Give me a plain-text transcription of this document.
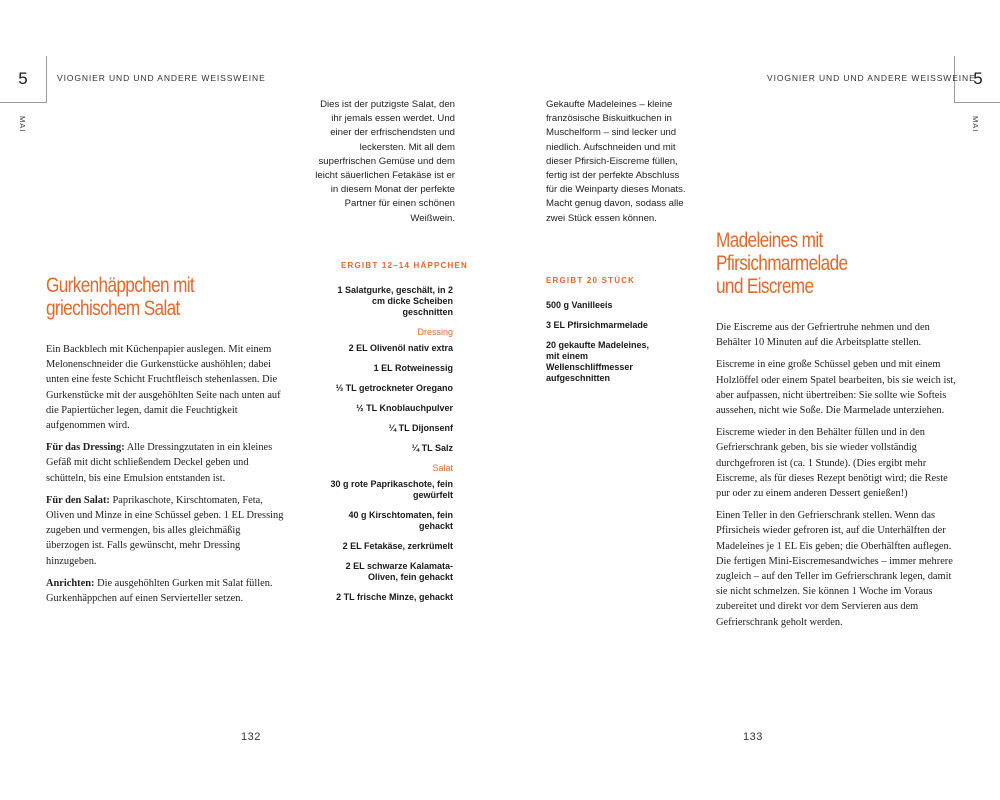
5	VIOGNIER UND UND ANDERE WEISSWEINE
MAI
Gurkenhäppchen mit
griechischem Salat

Ein Backblech mit Küchenpapier auslegen. Mit einem Melonenschneider die Gurkenstücke aushöhlen; dabei unten eine feste Schicht Fruchtfleisch stehenlassen. Die Gurkenstücke mit der ausgehöhlten Seite nach unten auf die Papiertücher legen, damit die Feuchtigkeit aufgenommen wird.

Für das Dressing: Alle Dressingzutaten in ein kleines Gefäß mit dicht schließendem Deckel geben und schütteln, bis eine Emulsion entstanden ist.

Für den Salat: Paprikaschote, Kirschtomaten, Feta, Oliven und Minze in eine Schüssel geben. 1 EL Dressing zugeben und vermengen, bis alles gleichmäßig überzogen ist. Falls gewünscht, mehr Dressing hinzugeben.

Anrichten: Die ausgehöhlten Gurken mit Salat füllen. Gurkenhäppchen auf einen Servierteller setzen.

Dies ist der putzigste Salat, den ihr jemals essen werdet. Und einer der erfrischendsten und leckersten. Mit all dem superfrischen Gemüse und dem leicht säuerlichen Fetakäse ist er in diesem Monat der perfekte Partner für einen schönen Weißwein.
ERGIBT 12–14 HÄPPCHEN
1 Salatgurke, geschält, in 2 cm dicke Scheiben geschnitten
Dressing
2 EL Olivenöl nativ extra
1 EL Rotweinessig
⅓ TL getrockneter Oregano
½ TL Knoblauchpulver
¼ TL Dijonsenf
¼ TL Salz
Salat
30 g rote Paprikaschote, fein gewürfelt
40 g Kirschtomaten, fein gehackt
2 EL Fetakäse, zerkrümelt
2 EL schwarze Kalamata-Oliven, fein gehackt
2 TL frische Minze, gehackt
132
5
VIOGNIER UND UND ANDERE WEISSWEINE
MAI
Gekaufte Madeleines – kleine französische Biskuitkuchen in Muschelform – sind lecker und niedlich. Aufschneiden und mit dieser Pfirsich-Eiscreme füllen, fertig ist der perfekte Abschluss für die Weinparty dieses Monats. Macht genug davon, sodass alle zwei Stück essen können.
ERGIBT 20 STÜCK
500 g Vanilleeis
3 EL Pfirsichmarmelade
20 gekaufte Madeleines, mit einem Wellenschliffmesser aufgeschnitten
Madeleines mit
Pfirsichmarmelade
und Eiscreme

Die Eiscreme aus der Gefriertruhe nehmen und den Behälter 10 Minuten auf die Arbeitsplatte stellen.

Eiscreme in eine große Schüssel geben und mit einem Holzlöffel oder einem Spatel bearbeiten, bis sie weich ist, aber aufpassen, nicht übertreiben: Sie sollte wie Softeis aussehen, nicht wie Soße. Die Marmelade unterziehen.

Eiscreme wieder in den Behälter füllen und in den Gefrierschrank geben, bis sie wieder vollständig durchgefroren ist (ca. 1 Stunde). (Dies ergibt mehr Eiscreme, als für dieses Rezept benötigt wird; die Reste pur oder zu einem anderen Dessert genießen!)

Einen Teller in den Gefrierschrank stellen. Wenn das Pfirsicheis wieder gefroren ist, auf die Unterhälften der Madeleines je 1 EL Eis geben; die Oberhälften auflegen. Die fertigen Mini-Eiscremesandwiches – immer mehrere zugleich – auf den Teller im Gefrierschrank legen, damit sie nicht schmelzen. Sie können 1 Woche im Voraus zubereitet und direkt vor dem Servieren aus dem Gefrierschrank geholt werden.

133
